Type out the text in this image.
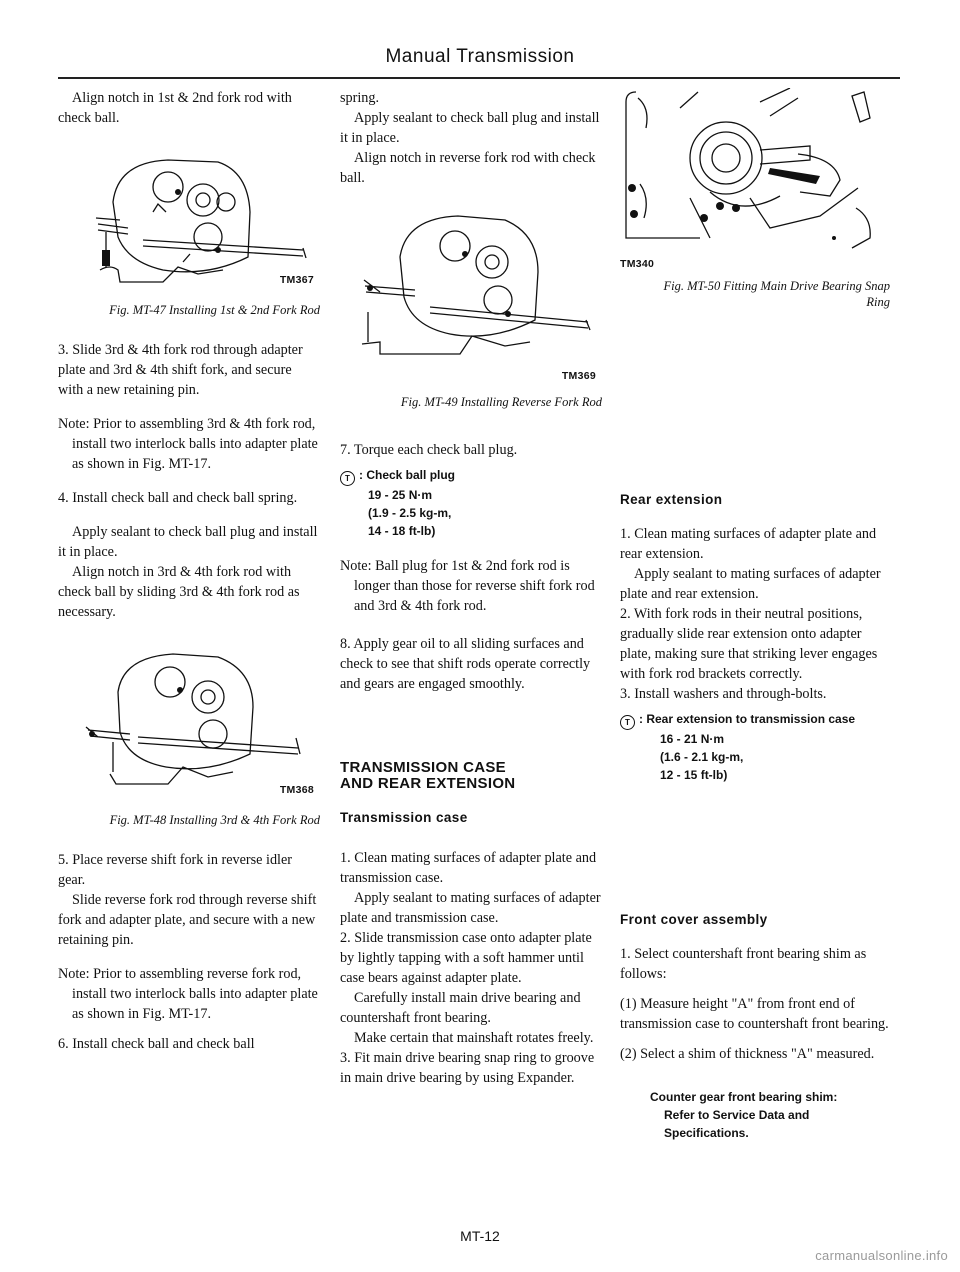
Manual Transmission

Align notch in 1st & 2nd fork rod with check ball.

TM367

Fig. MT-47 Installing 1st & 2nd Fork Rod

3. Slide 3rd & 4th fork rod through adapter plate and 3rd & 4th shift fork, and secure with a new retaining pin.

Note: Prior to assembling 3rd & 4th fork rod, install two interlock balls into adapter plate as shown in Fig. MT-17.

4. Install check ball and check ball spring.

Apply sealant to check ball plug and install it in place.

Align notch in 3rd & 4th fork rod with check ball by sliding 3rd & 4th fork rod as necessary.

TM368

Fig. MT-48 Installing 3rd & 4th Fork Rod

5. Place reverse shift fork in reverse idler gear.

Slide reverse fork rod through reverse shift fork and adapter plate, and secure with a new retaining pin.

Note: Prior to assembling reverse fork rod, install two interlock balls into adapter plate as shown in Fig. MT-17.

6. Install check ball and check ball

spring.

Apply sealant to check ball plug and install it in place.

Align notch in reverse fork rod with check ball.

TM369

Fig. MT-49 Installing Reverse Fork Rod

7. Torque each check ball plug.

T : Check ball plug
19 - 25 N·m
(1.9 - 2.5 kg-m,
14 - 18 ft-lb)

Note: Ball plug for 1st & 2nd fork rod is longer than those for reverse shift fork rod and 3rd & 4th fork rod.

8. Apply gear oil to all sliding surfaces and check to see that shift rods operate correctly and gears are engaged smoothly.

TRANSMISSION CASE
AND REAR EXTENSION
Transmission case

1. Clean mating surfaces of adapter plate and transmission case.

Apply sealant to mating surfaces of adapter plate and transmission case.

2. Slide transmission case onto adapter plate by lightly tapping with a soft hammer until case bears against adapter plate.

Carefully install main drive bearing and countershaft front bearing.

Make certain that mainshaft rotates freely.

3. Fit main drive bearing snap ring to groove in main drive bearing by using Expander.

TM340

Fig. MT-50 Fitting Main Drive Bearing Snap Ring

Rear extension

1. Clean mating surfaces of adapter plate and rear extension.

Apply sealant to mating surfaces of adapter plate and rear extension.

2. With fork rods in their neutral positions, gradually slide rear extension onto adapter plate, making sure that striking lever engages with fork rod brackets correctly.

3. Install washers and through-bolts.

T : Rear extension to transmission case
16 - 21 N·m
(1.6 - 2.1 kg-m,
12 - 15 ft-lb)
Front cover assembly

1. Select countershaft front bearing shim as follows:

(1) Measure height "A" from front end of transmission case to countershaft front bearing.

(2) Select a shim of thickness "A" measured.

Counter gear front bearing shim:
Refer to Service Data and
Specifications.
MT-12
carmanualsonline.info
